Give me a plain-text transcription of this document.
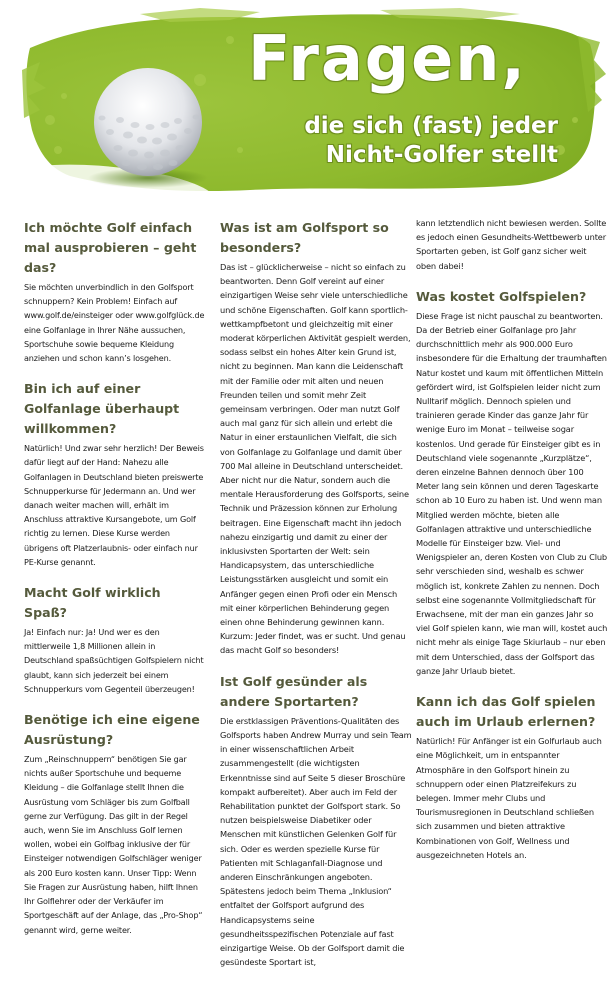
Fragen,
die sich (fast) jeder
Nicht-Golfer stellt
Ich möchte Golf einfach mal ausprobieren – geht das?

Sie möchten unverbindlich in den Golfsport schnuppern? Kein Problem! Einfach auf www.golf.de/einsteiger oder www.golfglück.de eine Golfanlage in Ihrer Nähe aussuchen, Sportschuhe sowie bequeme Kleidung anziehen und schon kann’s losgehen.

Bin ich auf einer Golfanlage überhaupt willkommen?

Natürlich! Und zwar sehr herzlich! Der Beweis dafür liegt auf der Hand: Nahezu alle Golfanlagen in Deutschland bieten preiswerte Schnupperkurse für Jedermann an. Und wer danach weiter machen will, erhält im Anschluss attraktive Kursangebote, um Golf richtig zu lernen. Diese Kurse werden übrigens oft Platzerlaubnis- oder einfach nur PE-Kurse genannt.

Macht Golf wirklich Spaß?

Ja! Einfach nur: Ja! Und wer es den mittlerweile 1,8 Millionen allein in Deutschland spaßsüchtigen Golfspielern nicht glaubt, kann sich jederzeit bei einem Schnupperkurs vom Gegenteil überzeugen!

Benötige ich eine eigene Ausrüstung?

Zum „Reinschnuppern“ benötigen Sie gar nichts außer Sportschuhe und bequeme Kleidung – die Golfanlage stellt Ihnen die Ausrüstung vom Schläger bis zum Golfball gerne zur Verfügung. Das gilt in der Regel auch, wenn Sie im Anschluss Golf lernen wollen, wobei ein Golfbag inklusive der für Einsteiger notwendigen Golfschläger weniger als 200 Euro kosten kann. Unser Tipp: Wenn Sie Fragen zur Ausrüstung haben, hilft Ihnen Ihr Golflehrer oder der Verkäufer im Sportgeschäft auf der Anlage, das „Pro-Shop“ genannt wird, gerne weiter.

Was ist am Golfsport so besonders?

Das ist – glücklicherweise – nicht so einfach zu beantworten. Denn Golf vereint auf einer einzigartigen Weise sehr viele unterschiedliche und schöne Eigenschaften. Golf kann sportlich-wettkampfbetont und gleichzeitig mit einer moderat körperlichen Aktivität gespielt werden, sodass selbst ein hohes Alter kein Grund ist, nicht zu beginnen. Man kann die Leidenschaft mit der Familie oder mit alten und neuen Freunden teilen und somit mehr Zeit gemeinsam verbringen. Oder man nutzt Golf auch mal ganz für sich allein und erlebt die Natur in einer erstaunlichen Vielfalt, die sich von Golfanlage zu Golfanlage und damit über 700 Mal alleine in Deutschland unterscheidet. Aber nicht nur die Natur, sondern auch die mentale Herausforderung des Golfsports, seine Technik und Präzession können zur Erholung beitragen. Eine Eigenschaft macht ihn jedoch nahezu einzigartig und damit zu einer der inklusivsten Sportarten der Welt: sein Handicapsystem, das unterschiedliche Leistungsstärken ausgleicht und somit ein Anfänger gegen einen Profi oder ein Mensch mit einer körperlichen Behinderung gegen einen ohne Behinderung gewinnen kann. Kurzum: Jeder findet, was er sucht. Und genau das macht Golf so besonders!

Ist Golf gesünder als andere Sportarten?

Die erstklassigen Präventions-Qualitäten des Golfsports haben Andrew Murray und sein Team in einer wissenschaftlichen Arbeit zusammengestellt (die wichtigsten Erkenntnisse sind auf Seite 5 dieser Broschüre kompakt aufbereitet). Aber auch im Feld der Rehabilitation punktet der Golfsport stark. So nutzen beispielsweise Diabetiker oder Menschen mit künstlichen Gelenken Golf für sich. Oder es werden spezielle Kurse für Patienten mit Schlaganfall-Diagnose und anderen Einschränkungen angeboten. Spätestens jedoch beim Thema „Inklusion“ entfaltet der Golfsport aufgrund des Handicapsystems seine gesundheitsspezifischen Potenziale auf fast einzigartige Weise. Ob der Golfsport damit die gesündeste Sportart ist,

kann letztendlich nicht bewiesen werden. Sollte es jedoch einen Gesundheits-Wettbewerb unter Sportarten geben, ist Golf ganz sicher weit oben dabei!

Was kostet Golfspielen?

Diese Frage ist nicht pauschal zu beantworten. Da der Betrieb einer Golfanlage pro Jahr durchschnittlich mehr als 900.000 Euro insbesondere für die Erhaltung der traumhaften Natur kostet und kaum mit öffentlichen Mitteln gefördert wird, ist Golfspielen leider nicht zum Nulltarif möglich. Dennoch spielen und trainieren gerade Kinder das ganze Jahr für wenige Euro im Monat – teilweise sogar kostenlos. Und gerade für Einsteiger gibt es in Deutschland viele sogenannte „Kurzplätze“, deren einzelne Bahnen dennoch über 100 Meter lang sein können und deren Tageskarte schon ab 10 Euro zu haben ist. Und wenn man Mitglied werden möchte, bieten alle Golfanlagen attraktive und unterschiedliche Modelle für Einsteiger bzw. Viel- und Wenigspieler an, deren Kosten von Club zu Club sehr verschieden sind, weshalb es schwer möglich ist, konkrete Zahlen zu nennen. Doch selbst eine sogenannte Vollmitgliedschaft für Erwachsene, mit der man ein ganzes Jahr so viel Golf spielen kann, wie man will, kostet auch nicht mehr als einige Tage Skiurlaub – nur eben mit dem Unterschied, dass der Golfsport das ganze Jahr Urlaub bietet.

Kann ich das Golf spielen auch im Urlaub erlernen?

Natürlich! Für Anfänger ist ein Golfurlaub auch eine Möglichkeit, um in entspannter Atmosphäre in den Golfsport hinein zu schnuppern oder einen Platzreifekurs zu belegen. Immer mehr Clubs und Tourismusregionen in Deutschland schließen sich zusammen und bieten attraktive Kombinationen von Golf, Wellness und ausgezeichneten Hotels an.
